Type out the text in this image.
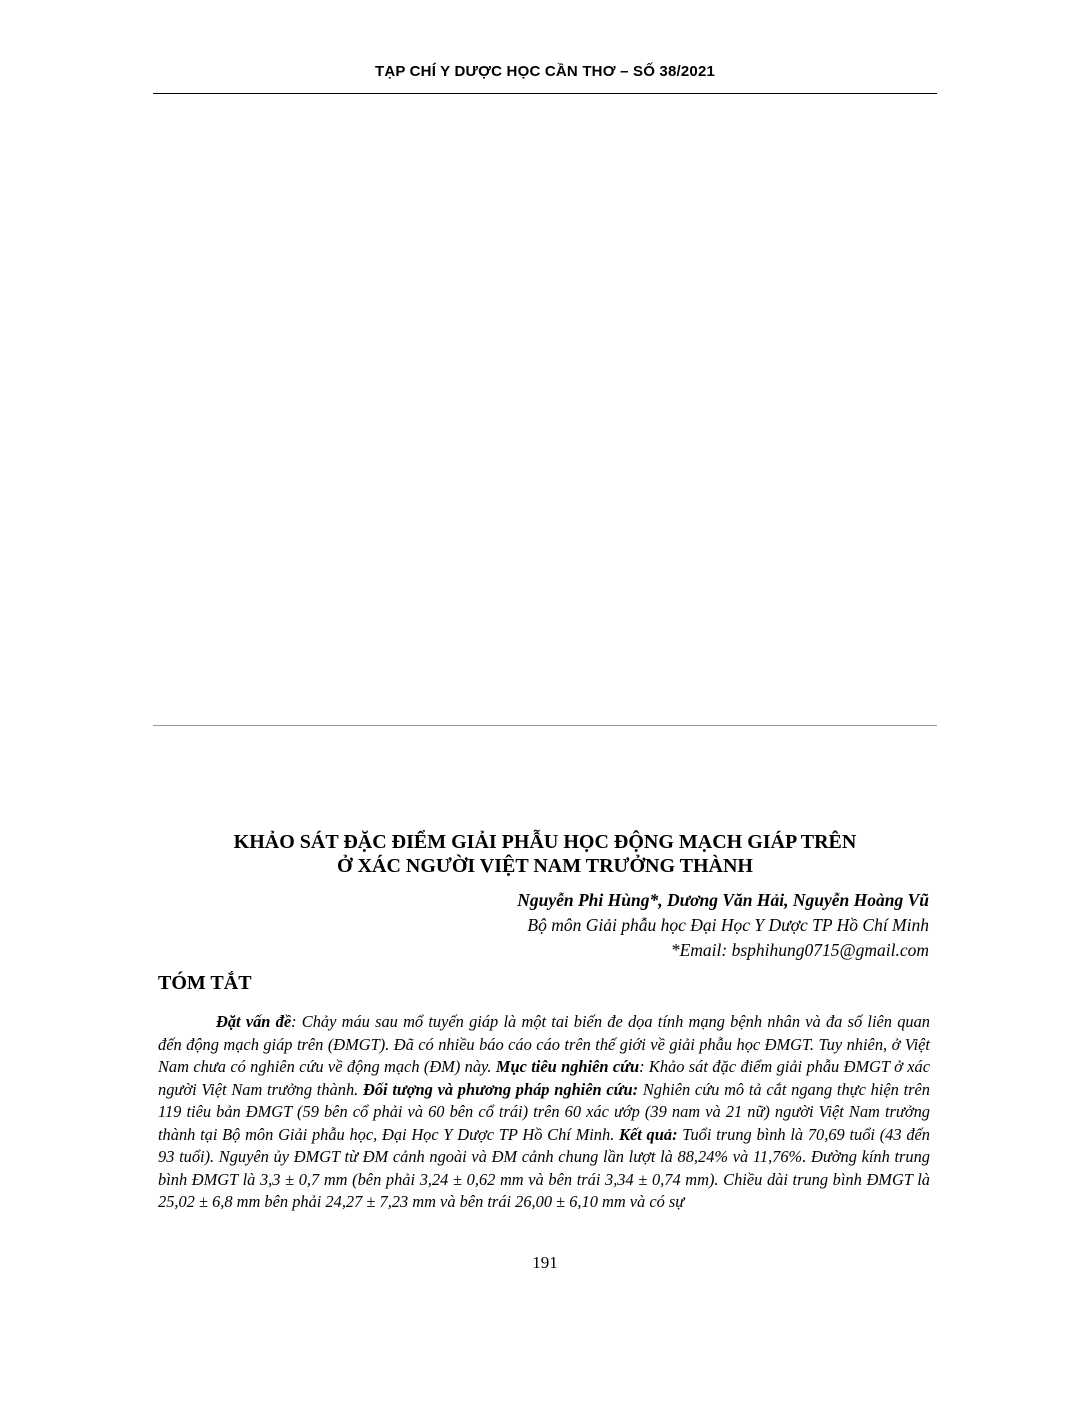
TẠP CHÍ Y DƯỢC HỌC CẦN THƠ – SỐ 38/2021
KHẢO SÁT ĐẶC ĐIỂM GIẢI PHẪU HỌC ĐỘNG MẠCH GIÁP TRÊN
Ở XÁC NGƯỜI VIỆT NAM TRƯỞNG THÀNH
Nguyễn Phi Hùng*, Dương Văn Hải, Nguyễn Hoàng Vũ
Bộ môn Giải phẫu học Đại Học Y Dược TP Hồ Chí Minh
*Email: bsphihung0715@gmail.com
TÓM TẮT
Đặt vấn đề: Chảy máu sau mổ tuyến giáp là một tai biến đe dọa tính mạng bệnh nhân và đa số liên quan đến động mạch giáp trên (ĐMGT). Đã có nhiều báo cáo cáo trên thế giới về giải phẫu học ĐMGT. Tuy nhiên, ở Việt Nam chưa có nghiên cứu về động mạch (ĐM) này. Mục tiêu nghiên cứu: Khảo sát đặc điểm giải phẫu ĐMGT ở xác người Việt Nam trưởng thành. Đối tượng và phương pháp nghiên cứu: Nghiên cứu mô tả cắt ngang thực hiện trên 119 tiêu bản ĐMGT (59 bên cổ phải và 60 bên cổ trái) trên 60 xác ướp (39 nam và 21 nữ) người Việt Nam trưởng thành tại Bộ môn Giải phẫu học, Đại Học Y Dược TP Hồ Chí Minh. Kết quả: Tuổi trung bình là 70,69 tuổi (43 đến 93 tuổi). Nguyên ủy ĐMGT từ ĐM cảnh ngoài và ĐM cảnh chung lần lượt là 88,24% và 11,76%. Đường kính trung bình ĐMGT là 3,3 ± 0,7 mm (bên phải 3,24 ± 0,62 mm và bên trái 3,34 ± 0,74 mm). Chiều dài trung bình ĐMGT là 25,02 ± 6,8 mm bên phải 24,27 ± 7,23 mm và bên trái 26,00 ± 6,10 mm và có sự
191
